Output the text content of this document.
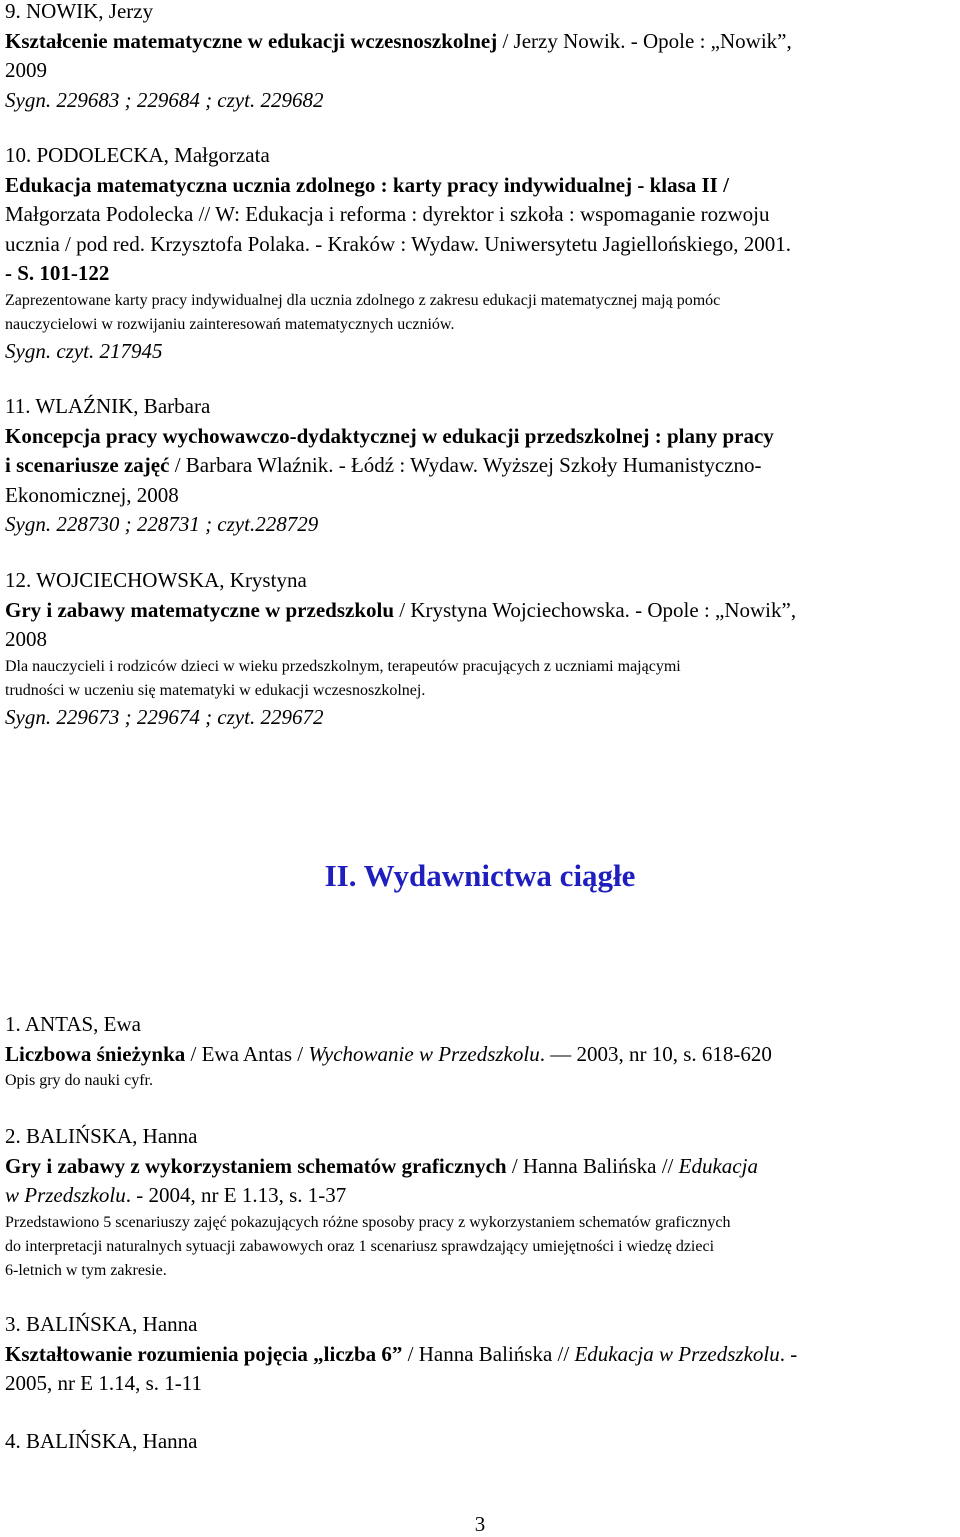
9. NOWIK, Jerzy
Kształcenie matematyczne w edukacji wczesnoszkolnej / Jerzy Nowik. - Opole : „Nowik”,
2009
Sygn. 229683 ; 229684 ; czyt. 229682
10. PODOLECKA, Małgorzata
Edukacja matematyczna ucznia zdolnego : karty pracy indywidualnej - klasa II /
Małgorzata Podolecka // W: Edukacja i reforma : dyrektor i szkoła : wspomaganie rozwoju
ucznia / pod red. Krzysztofa Polaka. - Kraków : Wydaw. Uniwersytetu Jagiellońskiego, 2001.
- S. 101-122
Zaprezentowane karty pracy indywidualnej dla ucznia zdolnego z zakresu edukacji matematycznej mają pomóc
nauczycielowi w rozwijaniu zainteresowań matematycznych uczniów.
Sygn. czyt. 217945
11. WLAŹNIK, Barbara
Koncepcja pracy wychowawczo-dydaktycznej w edukacji przedszkolnej : plany pracy
i scenariusze zajęć / Barbara Wlaźnik. - Łódź : Wydaw. Wyższej Szkoły Humanistyczno-
Ekonomicznej, 2008
Sygn. 228730 ; 228731 ; czyt.228729
12. WOJCIECHOWSKA, Krystyna
Gry i zabawy matematyczne w przedszkolu / Krystyna Wojciechowska. - Opole : „Nowik”,
2008
Dla nauczycieli i rodziców dzieci w wieku przedszkolnym, terapeutów pracujących z uczniami mającymi
trudności w uczeniu się matematyki w edukacji wczesnoszkolnej.
Sygn. 229673 ; 229674 ; czyt. 229672
II. Wydawnictwa ciągłe
1. ANTAS, Ewa
Liczbowa śnieżynka / Ewa Antas / Wychowanie w Przedszkolu. — 2003, nr 10, s. 618-620
Opis gry do nauki cyfr.
2. BALIŃSKA, Hanna
Gry i zabawy z wykorzystaniem schematów graficznych / Hanna Balińska // Edukacja
w Przedszkolu. - 2004, nr E 1.13, s. 1-37
Przedstawiono 5 scenariuszy zajęć pokazujących różne sposoby pracy z wykorzystaniem schematów graficznych
do interpretacji naturalnych sytuacji zabawowych oraz 1 scenariusz sprawdzający umiejętności i wiedzę dzieci
6-letnich w tym zakresie.
3. BALIŃSKA, Hanna
Kształtowanie rozumienia pojęcia „liczba 6” / Hanna Balińska // Edukacja w Przedszkolu. -
2005, nr E 1.14, s. 1-11
4. BALIŃSKA, Hanna
3
